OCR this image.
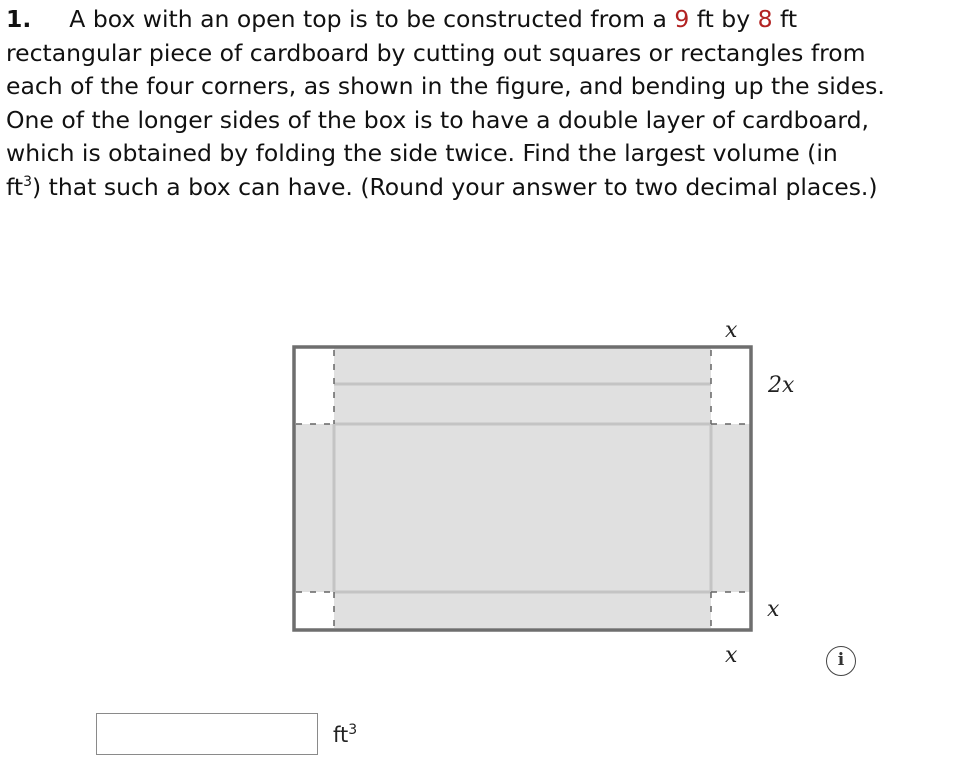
1. A box with an open top is to be constructed from a 9 ft by 8 ft
rectangular piece of cardboard by cutting out squares or rectangles from
each of the four corners, as shown in the figure, and bending up the sides.
One of the longer sides of the box is to have a double layer of cardboard,
which is obtained by folding the side twice. Find the largest volume (in
$ft^3$) that such a box can have. (Round your answer to two decimal places.)
x
2x
x
x	i
$ft^3$
